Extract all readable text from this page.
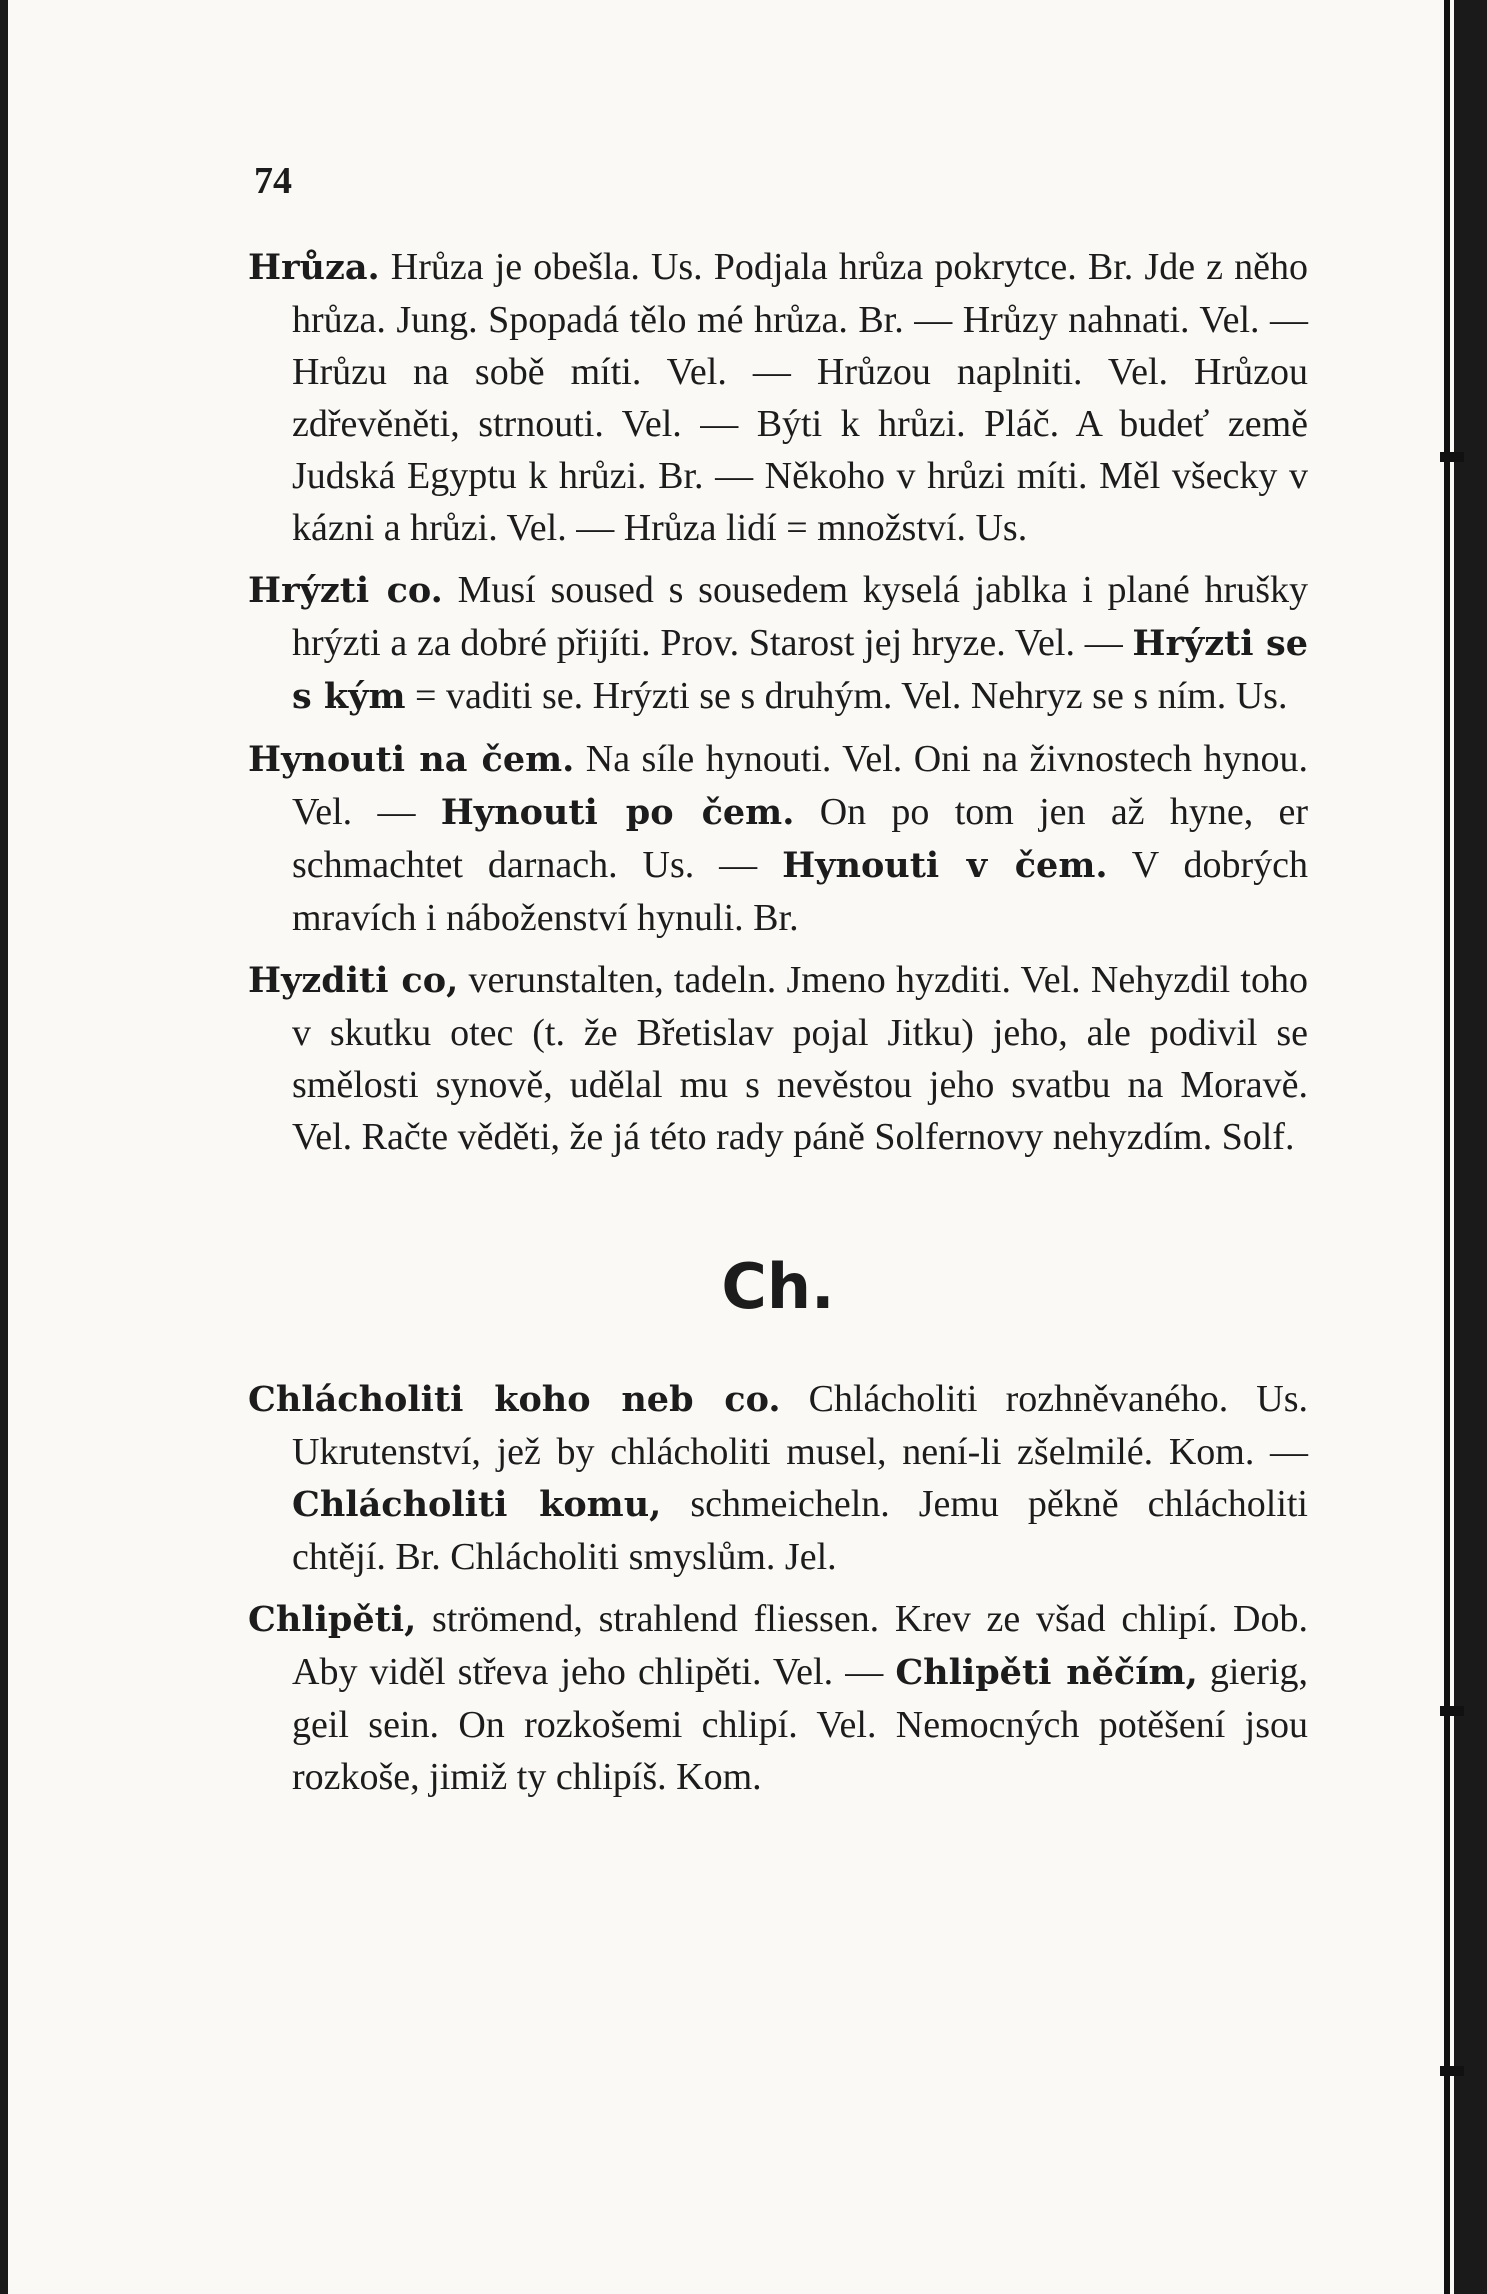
74
Hrůza. Hrůza je obešla. Us. Podjala hrůza pokrytce. Br. Jde z něho hrůza. Jung. Spopadá tělo mé hrůza. Br. — Hrůzy nahnati. Vel. — Hrůzu na sobě míti. Vel. — Hrůzou naplniti. Vel. Hrůzou zdřevěněti, strnouti. Vel. — Býti k hrůzi. Pláč. A budeť země Judská Egyptu k hrůzi. Br. — Někoho v hrůzi míti. Měl všecky v kázni a hrůzi. Vel. — Hrůza lidí = množství. Us.
Hrýzti co. Musí soused s sousedem kyselá jablka i plané hrušky hrýzti a za dobré přijíti. Prov. Starost jej hryze. Vel. — Hrýzti se s kým = vaditi se. Hrýzti se s druhým. Vel. Nehryz se s ním. Us.
Hynouti na čem. Na síle hynouti. Vel. Oni na živnostech hynou. Vel. — Hynouti po čem. On po tom jen až hyne, er schmachtet darnach. Us. — Hynouti v čem. V dobrých mravích i náboženství hynuli. Br.
Hyzditi co, verunstalten, tadeln. Jmeno hyzditi. Vel. Nehyzdil toho v skutku otec (t. že Břetislav pojal Jitku) jeho, ale podivil se smělosti synově, udělal mu s nevěstou jeho svatbu na Moravě. Vel. Račte věděti, že já této rady páně Solfernovy nehyzdím. Solf.
Ch.
Chlácholiti koho neb co. Chlácholiti rozhněvaného. Us. Ukrutenství, jež by chlácholiti musel, není-li zšelmilé. Kom. — Chlácholiti komu, schmeicheln. Jemu pěkně chlácholiti chtějí. Br. Chlácholiti smyslům. Jel.
Chlipěti, strömend, strahlend fliessen. Krev ze všad chlipí. Dob. Aby viděl střeva jeho chlipěti. Vel. — Chlipěti něčím, gierig, geil sein. On rozkošemi chlipí. Vel. Nemocných potěšení jsou rozkoše, jimiž ty chlipíš. Kom.
